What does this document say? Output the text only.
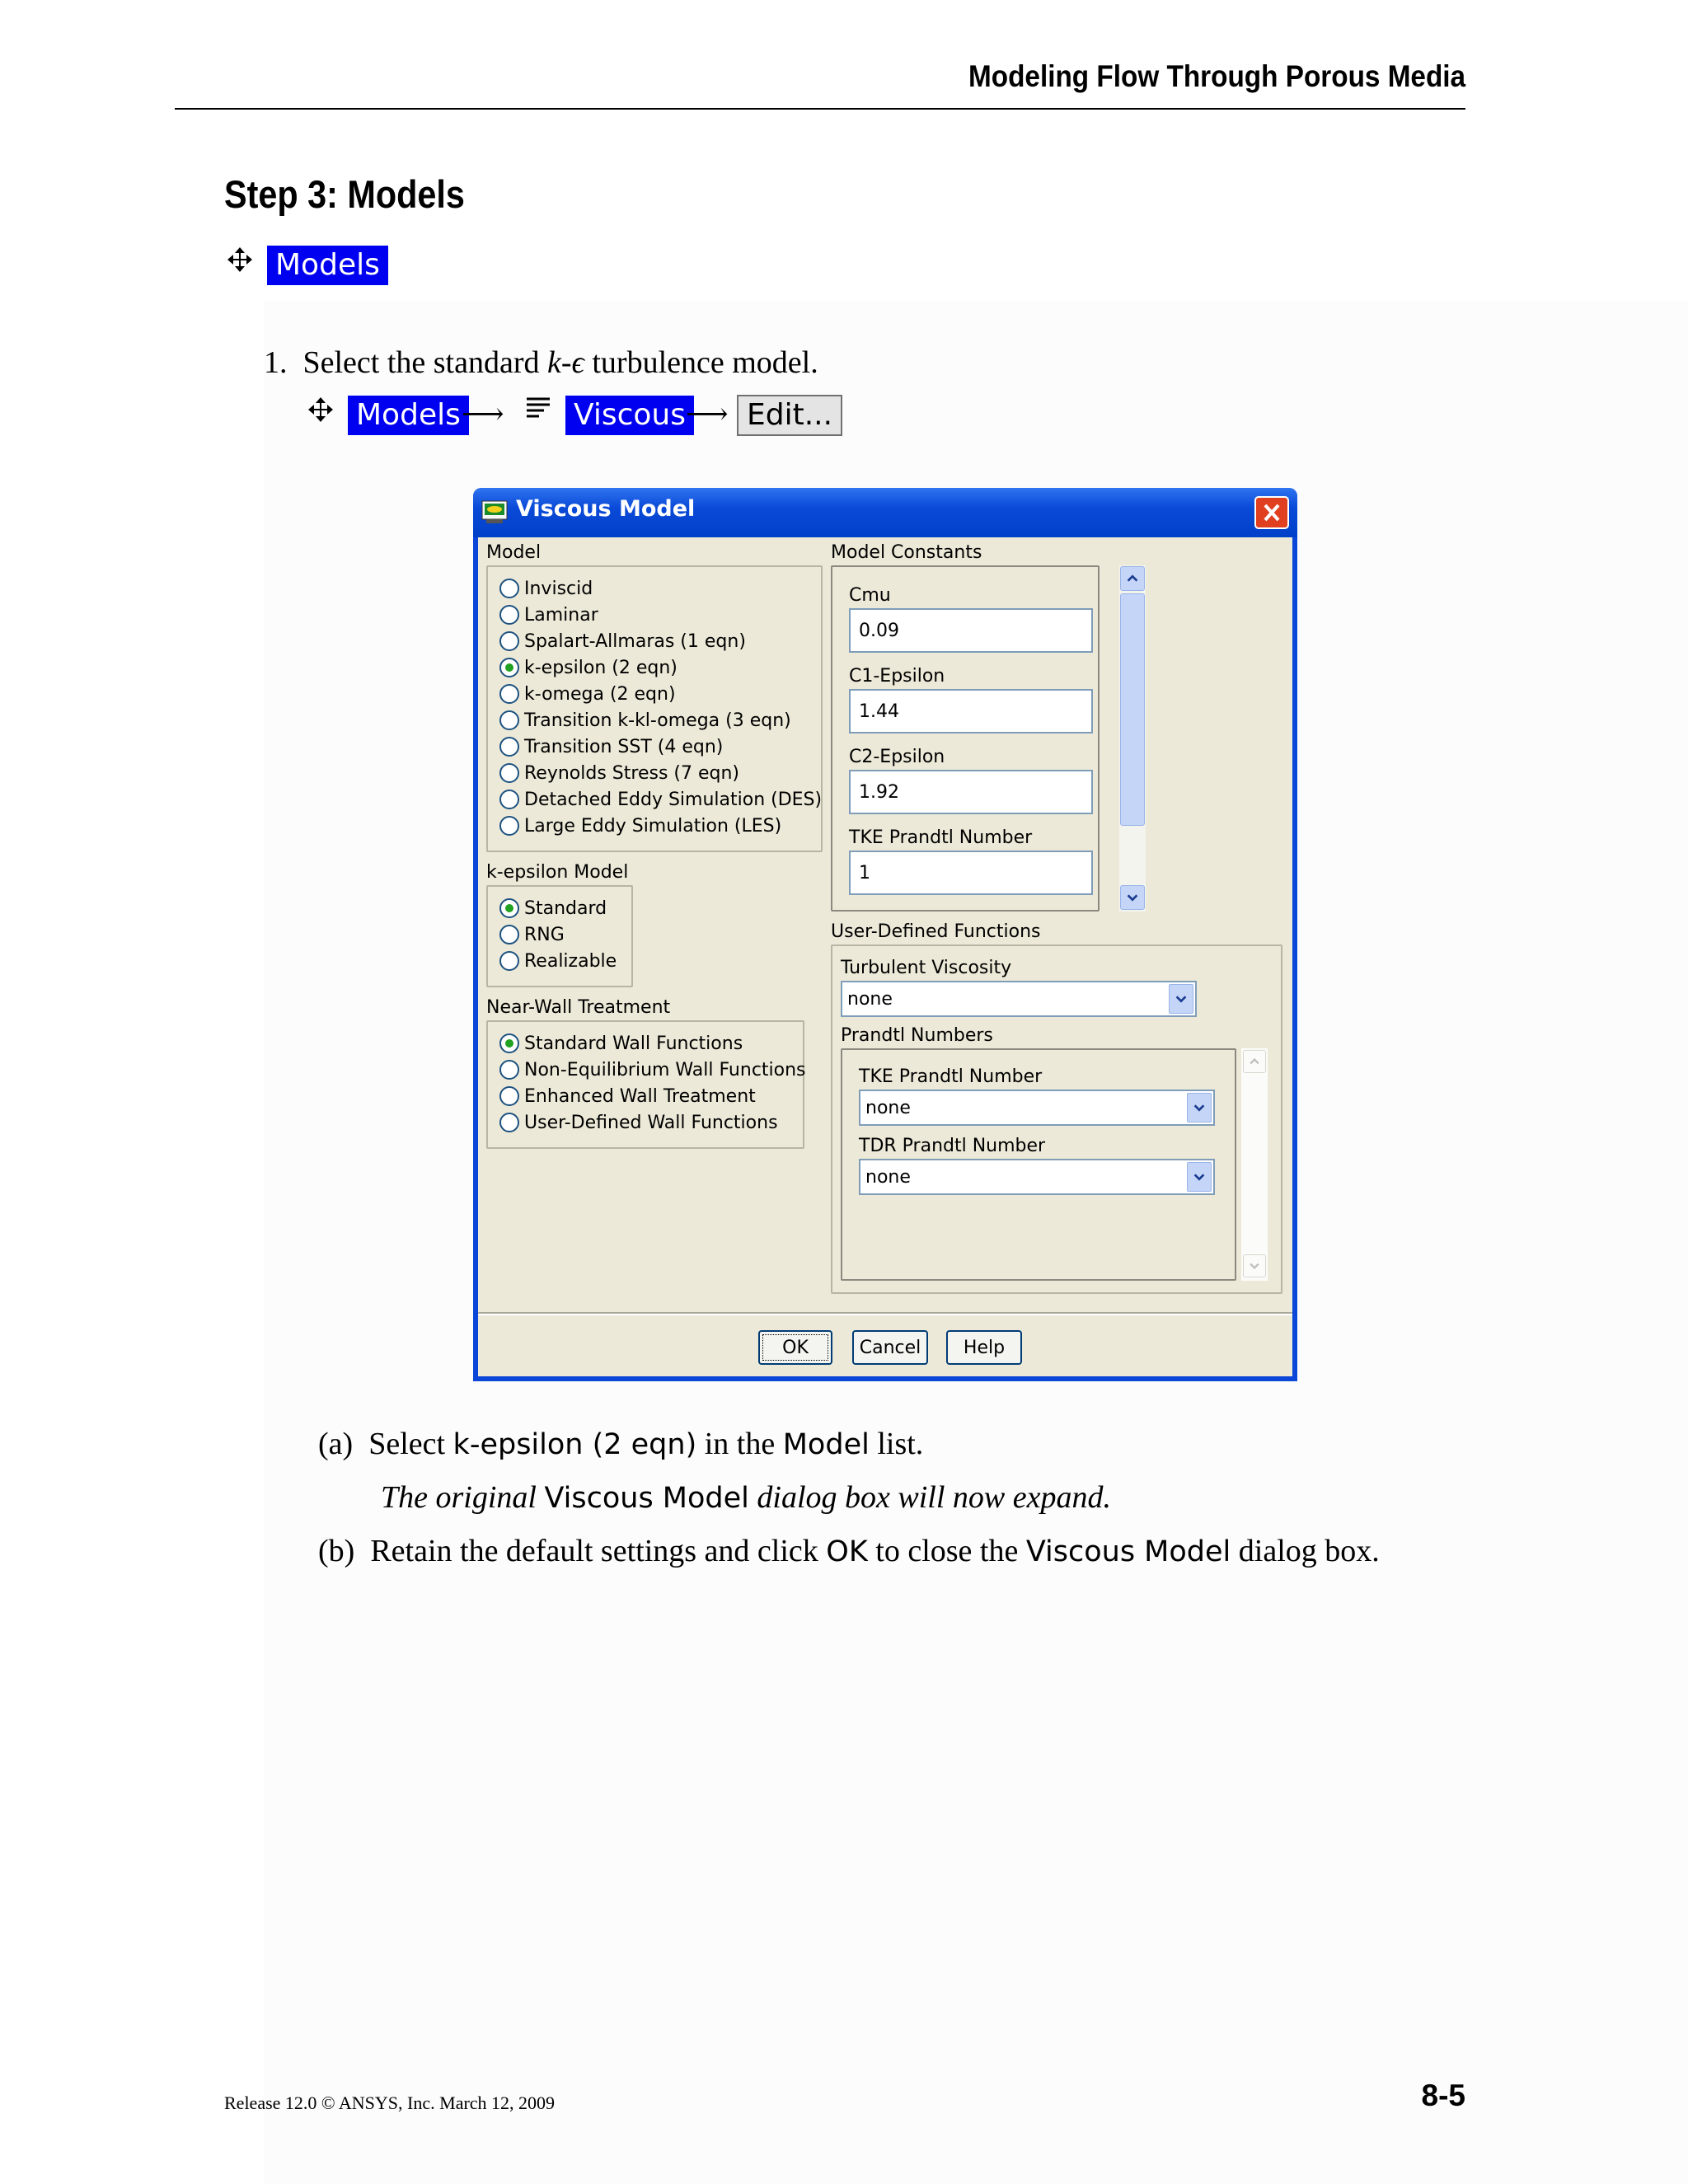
Modeling Flow Through Porous Media
Step 3: Models
Models
1. Select the standard k-ϵ turbulence model.
Models ⟶ Viscous ⟶ Edit...
Viscous Model
Model
Inviscid
Laminar
Spalart-Allmaras (1 eqn)
k-epsilon (2 eqn)
k-omega (2 eqn)
Transition k-kl-omega (3 eqn)
Transition SST (4 eqn)
Reynolds Stress (7 eqn)
Detached Eddy Simulation (DES)
Large Eddy Simulation (LES)
k-epsilon Model
Standard
RNG
Realizable
Near-Wall Treatment
Standard Wall Functions
Non-Equilibrium Wall Functions
Enhanced Wall Treatment
User-Defined Wall Functions
Model Constants
Cmu
0.09
C1-Epsilon
1.44
C2-Epsilon
1.92
TKE Prandtl Number
1
User-Defined Functions
Turbulent Viscosity
none
Prandtl Numbers
TKE Prandtl Number
none
TDR Prandtl Number
none
OK	Cancel	Help
(a) Select k-epsilon (2 eqn) in the Model list.
The original Viscous Model dialog box will now expand.
(b) Retain the default settings and click OK to close the Viscous Model dialog box.
Release 12.0 © ANSYS, Inc. March 12, 2009	8-5
